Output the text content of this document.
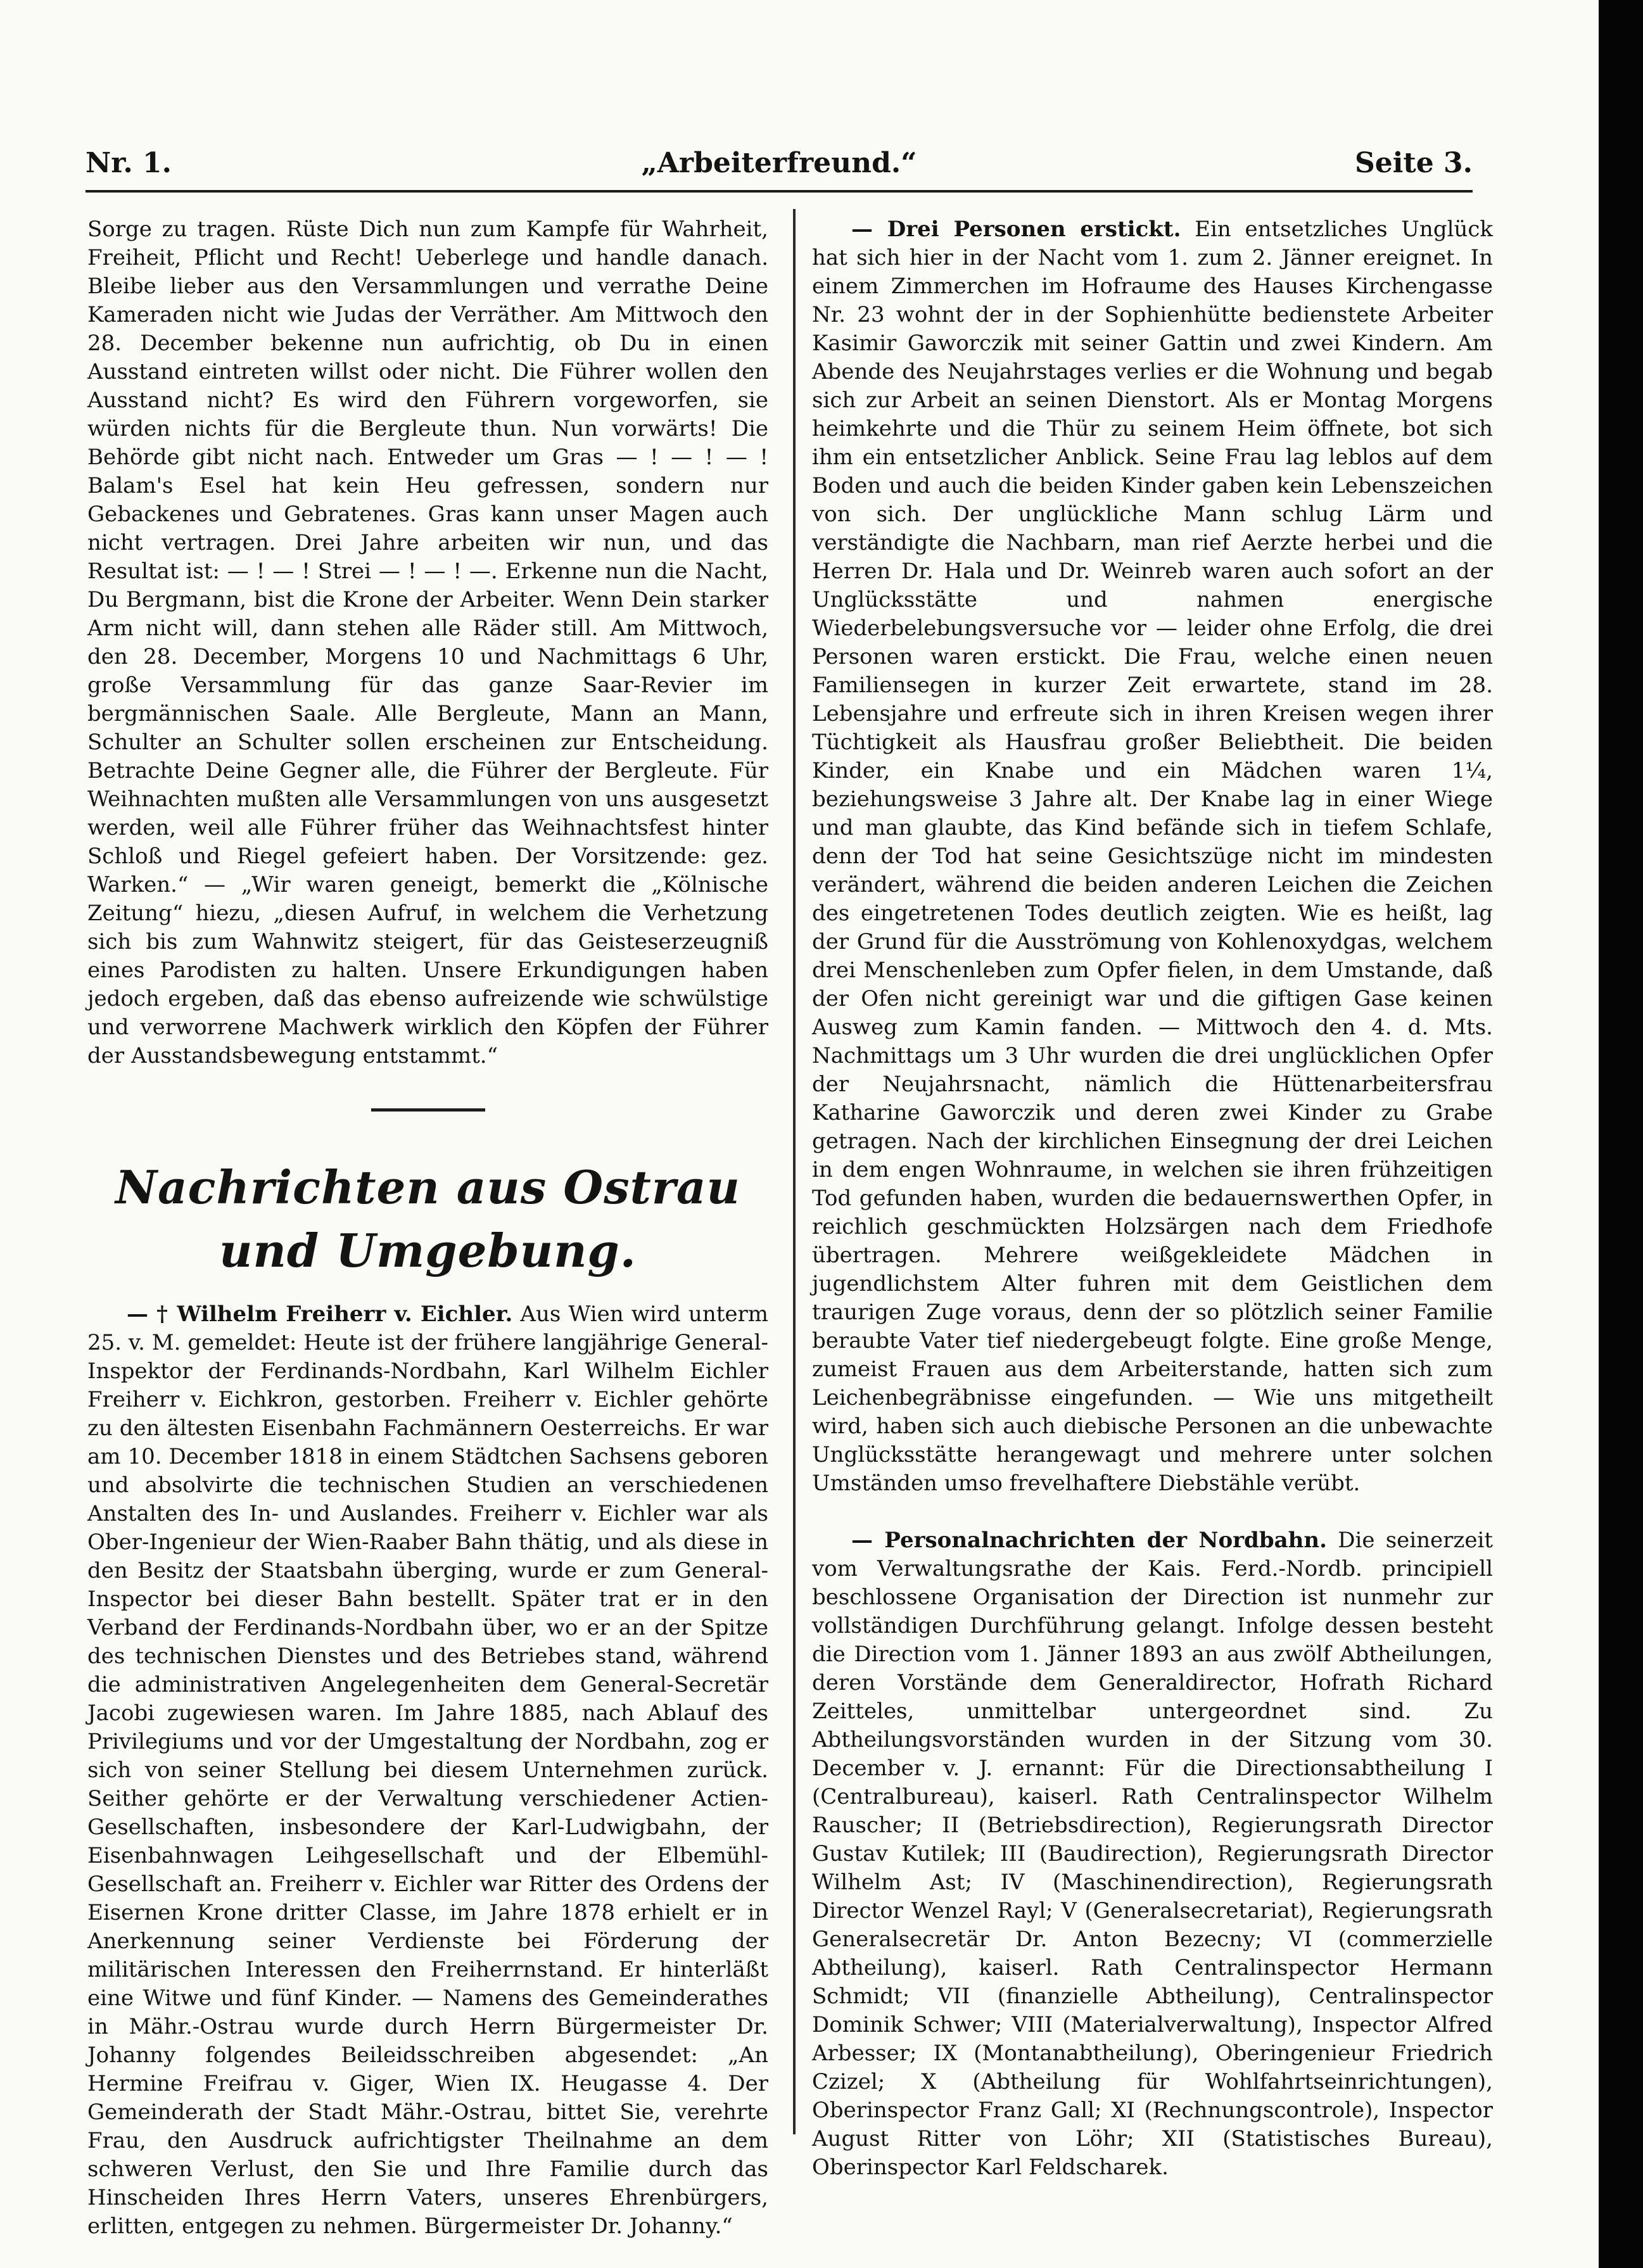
Nr. 1.	„Arbeiterfreund.“	Seite 3.

Sorge zu tragen. Rüste Dich nun zum Kampfe für Wahrheit, Freiheit, Pflicht und Recht! Ueberlege und handle danach. Bleibe lieber aus den Versammlungen und verrathe Deine Kameraden nicht wie Judas der Verräther. Am Mittwoch den 28. December bekenne nun aufrichtig, ob Du in einen Ausstand eintreten willst oder nicht. Die Führer wollen den Ausstand nicht? Es wird den Führern vorgeworfen, sie würden nichts für die Bergleute thun. Nun vorwärts! Die Behörde gibt nicht nach. Entweder um Gras — ! — ! — ! Balam's Esel hat kein Heu gefressen, sondern nur Gebackenes und Gebratenes. Gras kann unser Magen auch nicht vertragen. Drei Jahre arbeiten wir nun, und das Resultat ist: — ! — ! Strei — ! — ! —. Erkenne nun die Nacht, Du Bergmann, bist die Krone der Arbeiter. Wenn Dein starker Arm nicht will, dann stehen alle Räder still. Am Mittwoch, den 28. December, Morgens 10 und Nachmittags 6 Uhr, große Versammlung für das ganze Saar-Revier im bergmännischen Saale. Alle Bergleute, Mann an Mann, Schulter an Schulter sollen erscheinen zur Entscheidung. Betrachte Deine Gegner alle, die Führer der Bergleute. Für Weihnachten mußten alle Versammlungen von uns ausgesetzt werden, weil alle Führer früher das Weihnachtsfest hinter Schloß und Riegel gefeiert haben. Der Vorsitzende: gez. Warken.“ — „Wir waren geneigt, bemerkt die „Kölnische Zeitung“ hiezu, „diesen Aufruf, in welchem die Verhetzung sich bis zum Wahnwitz steigert, für das Geisteserzeugniß eines Parodisten zu halten. Unsere Erkundigungen haben jedoch ergeben, daß das ebenso aufreizende wie schwülstige und verworrene Machwerk wirklich den Köpfen der Führer der Ausstandsbewegung entstammt.“

Nachrichten aus Ostrau und Umgebung.

— † Wilhelm Freiherr v. Eichler. Aus Wien wird unterm 25. v. M. gemeldet: Heute ist der frühere langjährige General-Inspektor der Ferdinands-Nordbahn, Karl Wilhelm Eichler Freiherr v. Eichkron, gestorben. Freiherr v. Eichler gehörte zu den ältesten Eisenbahn Fachmännern Oesterreichs. Er war am 10. December 1818 in einem Städtchen Sachsens geboren und absolvirte die technischen Studien an verschiedenen Anstalten des In- und Auslandes. Freiherr v. Eichler war als Ober-Ingenieur der Wien-Raaber Bahn thätig, und als diese in den Besitz der Staatsbahn überging, wurde er zum General-Inspector bei dieser Bahn bestellt. Später trat er in den Verband der Ferdinands-Nordbahn über, wo er an der Spitze des technischen Dienstes und des Betriebes stand, während die administrativen Angelegenheiten dem General-Secretär Jacobi zugewiesen waren. Im Jahre 1885, nach Ablauf des Privilegiums und vor der Umgestaltung der Nordbahn, zog er sich von seiner Stellung bei diesem Unternehmen zurück. Seither gehörte er der Verwaltung verschiedener Actien-Gesellschaften, insbesondere der Karl-Ludwigbahn, der Eisenbahnwagen Leihgesellschaft und der Elbemühl-Gesellschaft an. Freiherr v. Eichler war Ritter des Ordens der Eisernen Krone dritter Classe, im Jahre 1878 erhielt er in Anerkennung seiner Verdienste bei Förderung der militärischen Interessen den Freiherrnstand. Er hinterläßt eine Witwe und fünf Kinder. — Namens des Gemeinderathes in Mähr.-Ostrau wurde durch Herrn Bürgermeister Dr. Johanny folgendes Beileidsschreiben abgesendet: „An Hermine Freifrau v. Giger, Wien IX. Heugasse 4. Der Gemeinderath der Stadt Mähr.-Ostrau, bittet Sie, verehrte Frau, den Ausdruck aufrichtigster Theilnahme an dem schweren Verlust, den Sie und Ihre Familie durch das Hinscheiden Ihres Herrn Vaters, unseres Ehrenbürgers, erlitten, entgegen zu nehmen. Bürgermeister Dr. Johanny.“

— Drei Personen erstickt. Ein entsetzliches Unglück hat sich hier in der Nacht vom 1. zum 2. Jänner ereignet. In einem Zimmerchen im Hofraume des Hauses Kirchengasse Nr. 23 wohnt der in der Sophienhütte bedienstete Arbeiter Kasimir Gaworczik mit seiner Gattin und zwei Kindern. Am Abende des Neujahrstages verlies er die Wohnung und begab sich zur Arbeit an seinen Dienstort. Als er Montag Morgens heimkehrte und die Thür zu seinem Heim öffnete, bot sich ihm ein entsetzlicher Anblick. Seine Frau lag leblos auf dem Boden und auch die beiden Kinder gaben kein Lebenszeichen von sich. Der unglückliche Mann schlug Lärm und verständigte die Nachbarn, man rief Aerzte herbei und die Herren Dr. Hala und Dr. Weinreb waren auch sofort an der Unglücksstätte und nahmen energische Wiederbelebungsversuche vor — leider ohne Erfolg, die drei Personen waren erstickt. Die Frau, welche einen neuen Familiensegen in kurzer Zeit erwartete, stand im 28. Lebensjahre und erfreute sich in ihren Kreisen wegen ihrer Tüchtigkeit als Hausfrau großer Beliebtheit. Die beiden Kinder, ein Knabe und ein Mädchen waren 1¼, beziehungsweise 3 Jahre alt. Der Knabe lag in einer Wiege und man glaubte, das Kind befände sich in tiefem Schlafe, denn der Tod hat seine Gesichtszüge nicht im mindesten verändert, während die beiden anderen Leichen die Zeichen des eingetretenen Todes deutlich zeigten. Wie es heißt, lag der Grund für die Ausströmung von Kohlenoxydgas, welchem drei Menschenleben zum Opfer fielen, in dem Umstande, daß der Ofen nicht gereinigt war und die giftigen Gase keinen Ausweg zum Kamin fanden. — Mittwoch den 4. d. Mts. Nachmittags um 3 Uhr wurden die drei unglücklichen Opfer der Neujahrsnacht, nämlich die Hüttenarbeitersfrau Katharine Gaworczik und deren zwei Kinder zu Grabe getragen. Nach der kirchlichen Einsegnung der drei Leichen in dem engen Wohnraume, in welchen sie ihren frühzeitigen Tod gefunden haben, wurden die bedauernswerthen Opfer, in reichlich geschmückten Holzsärgen nach dem Friedhofe übertragen. Mehrere weißgekleidete Mädchen in jugendlichstem Alter fuhren mit dem Geistlichen dem traurigen Zuge voraus, denn der so plötzlich seiner Familie beraubte Vater tief niedergebeugt folgte. Eine große Menge, zumeist Frauen aus dem Arbeiterstande, hatten sich zum Leichenbegräbnisse eingefunden. — Wie uns mitgetheilt wird, haben sich auch diebische Personen an die unbewachte Unglücksstätte herangewagt und mehrere unter solchen Umständen umso frevelhaftere Diebstähle verübt.

— Personalnachrichten der Nordbahn. Die seinerzeit vom Verwaltungsrathe der Kais. Ferd.-Nordb. principiell beschlossene Organisation der Direction ist nunmehr zur vollständigen Durchführung gelangt. Infolge dessen besteht die Direction vom 1. Jänner 1893 an aus zwölf Abtheilungen, deren Vorstände dem Generaldirector, Hofrath Richard Zeitteles, unmittelbar untergeordnet sind. Zu Abtheilungsvorständen wurden in der Sitzung vom 30. December v. J. ernannt: Für die Directionsabtheilung I (Centralbureau), kaiserl. Rath Centralinspector Wilhelm Rauscher; II (Betriebsdirection), Regierungsrath Director Gustav Kutilek; III (Baudirection), Regierungsrath Director Wilhelm Ast; IV (Maschinendirection), Regierungsrath Director Wenzel Rayl; V (Generalsecretariat), Regierungsrath Generalsecretär Dr. Anton Bezecny; VI (commerzielle Abtheilung), kaiserl. Rath Centralinspector Hermann Schmidt; VII (finanzielle Abtheilung), Centralinspector Dominik Schwer; VIII (Materialverwaltung), Inspector Alfred Arbesser; IX (Montanabtheilung), Oberingenieur Friedrich Czizel; X (Abtheilung für Wohlfahrtseinrichtungen), Oberinspector Franz Gall; XI (Rechnungscontrole), Inspector August Ritter von Löhr; XII (Statistisches Bureau), Oberinspector Karl Feldscharek.
